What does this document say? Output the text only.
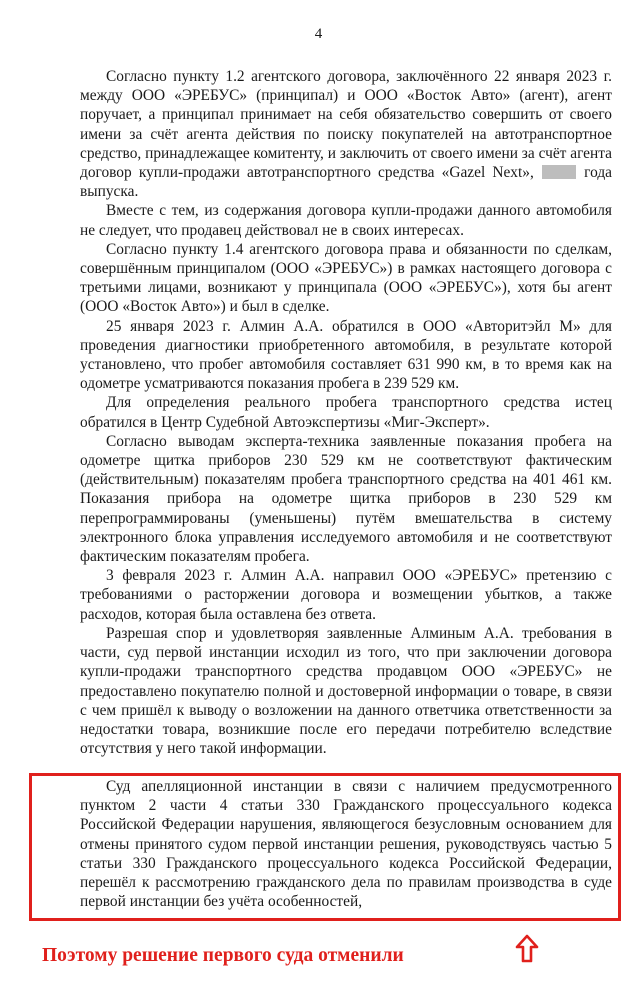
4

Согласно пункту 1.2 агентского договора, заключённого 22 января 2023 г. между ООО «ЭРЕБУС» (принципал) и ООО «Восток Авто» (агент), агент поручает, а принципал принимает на себя обязательство совершить от своего имени за счёт агента действия по поиску покупателей на автотранспортное средство, принадлежащее комитенту, и заключить от своего имени за счёт агента договор купли-продажи автотранспортного средства «Gazel Next»,	года выпуска.

Вместе с тем, из содержания договора купли-продажи данного автомобиля не следует, что продавец действовал не в своих интересах.

Согласно пункту 1.4 агентского договора права и обязанности по сделкам, совершённым принципалом (ООО «ЭРЕБУС») в рамках настоящего договора с третьими лицами, возникают у принципала (ООО «ЭРЕБУС»), хотя бы агент (ООО «Восток Авто») и был в сделке.

25 января 2023 г. Алмин А.А. обратился в ООО «Авторитэйл М» для проведения диагностики приобретенного автомобиля, в результате которой установлено, что пробег автомобиля составляет 631 990 км, в то время как на одометре усматриваются показания пробега в 239 529 км.

Для определения реального пробега транспортного средства истец обратился в Центр Судебной Автоэкспертизы «Миг-Эксперт».

Согласно выводам эксперта-техника заявленные показания пробега на одометре щитка приборов 230 529 км не соответствуют фактическим (действительным) показателям пробега транспортного средства на 401 461 км. Показания прибора на одометре щитка приборов в 230 529 км перепрограммированы (уменьшены) путём вмешательства в систему электронного блока управления исследуемого автомобиля и не соответствуют фактическим показателям пробега.

3 февраля 2023 г. Алмин А.А. направил ООО «ЭРЕБУС» претензию с требованиями о расторжении договора и возмещении убытков, а также расходов, которая была оставлена без ответа.

Разрешая спор и удовлетворяя заявленные Алминым А.А. требования в части, суд первой инстанции исходил из того, что при заключении договора купли-продажи транспортного средства продавцом ООО «ЭРЕБУС» не предоставлено покупателю полной и достоверной информации о товаре, в связи с чем пришёл к выводу о возложении на данного ответчика ответственности за недостатки товара, возникшие после его передачи потребителю вследствие отсутствия у него такой информации.

Суд апелляционной инстанции в связи с наличием предусмотренного пунктом 2 части 4 статьи 330 Гражданского процессуального кодекса Российской Федерации нарушения, являющегося безусловным основанием для отмены принятого судом первой инстанции решения, руководствуясь частью 5 статьи 330 Гражданского процессуального кодекса Российской Федерации, перешёл к рассмотрению гражданского дела по правилам производства в суде первой инстанции без учёта особенностей,

Поэтому решение первого суда отменили
